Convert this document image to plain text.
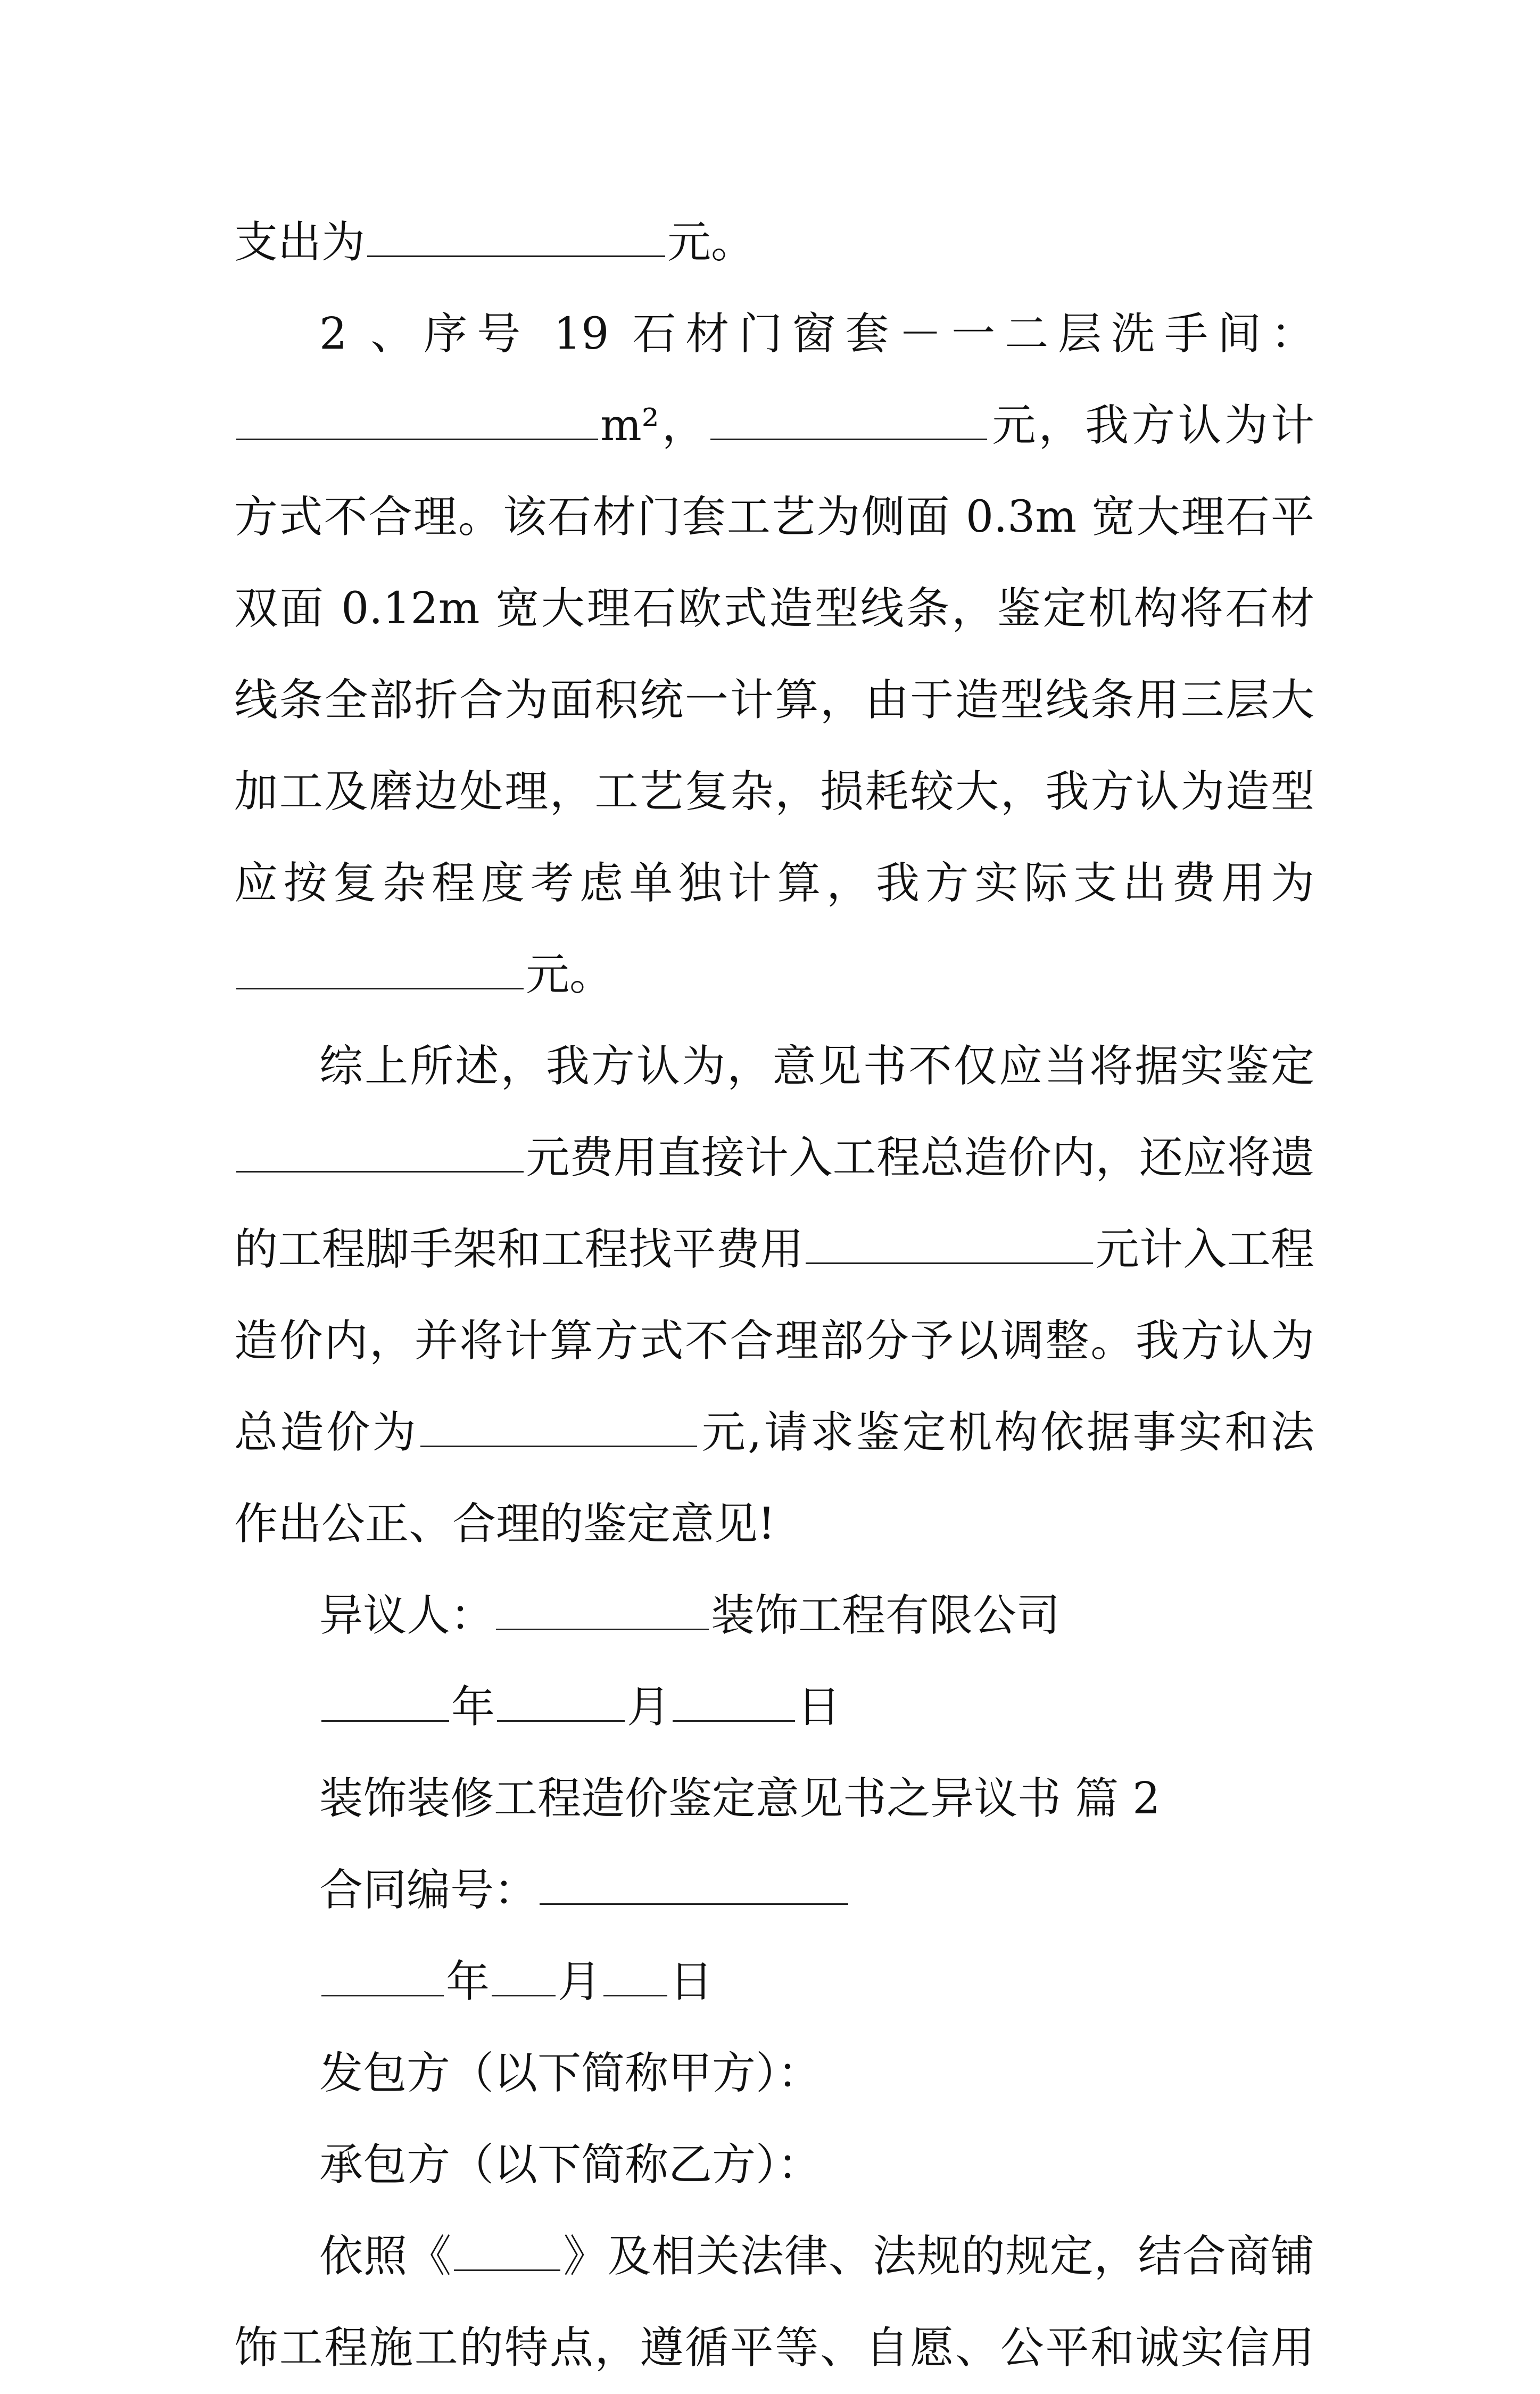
支出为	元。
2 、序号 19 石材门窗套－一二层洗手间：
m²，	元，我方认为计
方式不合理。该石材门套工艺为侧面 0.3m 宽大理石平
双面 0.12m 宽大理石欧式造型线条，鉴定机构将石材
线条全部折合为面积统一计算，由于造型线条用三层大
加工及磨边处理，工艺复杂，损耗较大，我方认为造型
应按复杂程度考虑单独计算，我方实际支出费用为
元。
综上所述，我方认为，意见书不仅应当将据实鉴定
元费用直接计入工程总造价内，还应将遗
的工程脚手架和工程找平费用	元计入工程
造价内，并将计算方式不合理部分予以调整。我方认为
总造价为	元,请求鉴定机构依据事实和法
作出公正、合理的鉴定意见!
异议人：	装饰工程有限公司
年	月	日
装饰装修工程造价鉴定意见书之异议书 篇 2
合同编号：
年 月 日
发包方（以下简称甲方）：
承包方（以下简称乙方）：
依照《	》及相关法律、法规的规定，结合商铺
饰工程施工的特点，遵循平等、自愿、公平和诚实信用
